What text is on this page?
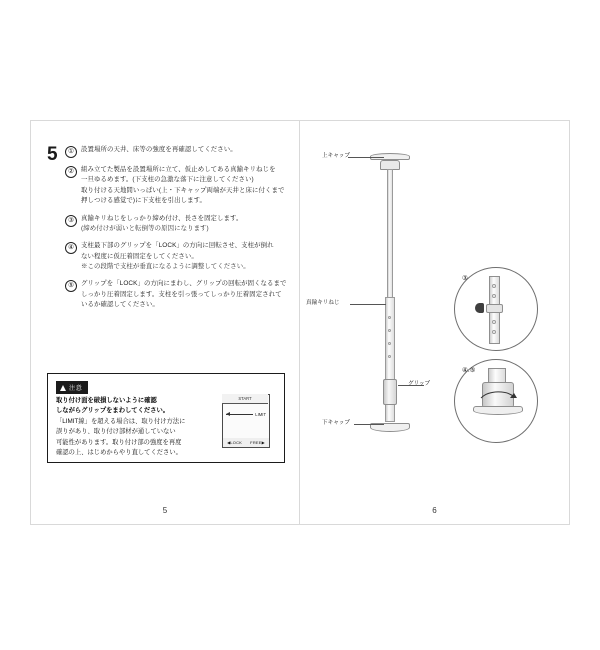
5	①	設置場所の天井、床等の強度を再確認してください。
②	組み立てた製品を設置場所に立て、仮止めしてある真鍮キリねじを
一旦ゆるめます。(下支柱の急激な落下に注意してください)
取り付ける天地間いっぱい(上・下キャップ両端が天井と床に付くまで
押しつける感覚で)に下支柱を引出します。
③	真鍮キリねじをしっかり締め付け、長さを固定します。
(締め付けが弱いと転倒等の原因になります)
④	支柱最下部のグリップを「LOCK」の方向に回転させ、支柱が倒れ
ない程度に仮圧着固定をしてください。
※この段階で支柱が垂直になるように調整してください。
⑤	グリップを「LOCK」の方向にまわし、グリップの回転が固くなるまで
しっかり圧着固定します。支柱を引っ張ってしっかり圧着固定されて
いるか確認してください。
注意
取り付け面を破損しないように確認
しながらグリップをまわしてください。
「LIMIT線」を超える場合は、取り付け方法に
誤りがあり、取り付け部材が通していない
可能性があります。取り付け部の強度を再度
確認の上、はじめからやり直してください。
START
LIMIT
◀LOCK FREE▶
5
上キャップ
真鍮キリねじ
グリップ
下キャップ
③
④.⑤
6
